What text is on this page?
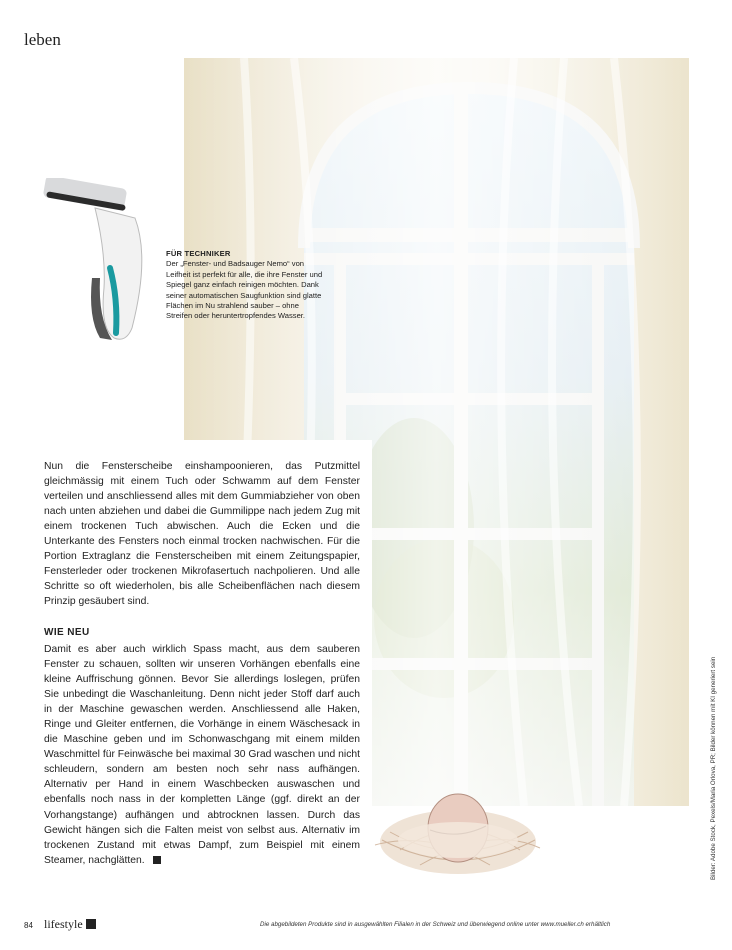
leben
FÜR TECHNIKER
Der „Fenster- und Badsauger Nemo“ von Leifheit ist perfekt für alle, die ihre Fenster und Spiegel ganz einfach reinigen möchten. Dank seiner automatischen Saugfunktion sind glatte Flächen im Nu strahlend sauber – ohne Streifen oder heruntertropfendes Wasser.
Nun die Fensterscheibe einshampoonieren, das Putzmittel gleichmässig mit einem Tuch oder Schwamm auf dem Fenster verteilen und anschliessend alles mit dem Gummiabzieher von oben nach unten abziehen und dabei die Gummilippe nach jedem Zug mit einem trockenen Tuch abwischen. Auch die Ecken und die Unterkante des Fensters noch einmal trocken nachwischen. Für die Portion Extraglanz die Fensterscheiben mit einem Zeitungspapier, Fensterleder oder trockenen Mikrofasertuch nachpolieren. Und alle Schritte so oft wiederholen, bis alle Scheibenflächen nach diesem Prinzip gesäubert sind.
WIE NEU
Damit es aber auch wirklich Spass macht, aus dem sauberen Fenster zu schauen, sollten wir unseren Vorhängen ebenfalls eine kleine Auffrischung gönnen. Bevor Sie allerdings loslegen, prüfen Sie unbedingt die Waschanleitung. Denn nicht jeder Stoff darf auch in der Maschine gewaschen werden. Anschliessend alle Haken, Ringe und Gleiter entfernen, die Vorhänge in einem Wäschesack in die Maschine geben und im Schonwaschgang mit einem milden Waschmittel für Feinwäsche bei maximal 30 Grad waschen und nicht schleudern, sondern am besten noch sehr nass aufhängen. Alternativ per Hand in einem Waschbecken auswaschen und ebenfalls noch nass in der kompletten Länge (ggf. direkt an der Vorhangstange) aufhängen und abtrocknen lassen. Durch das Gewicht hängen sich die Falten meist von selbst aus. Alternativ im trockenen Zustand mit etwas Dampf, zum Beispiel mit einem Steamer, nachglätten.	Bilder: Adobe Stock, Pexels/Maria Orlova, PR; Bilder können mit KI generiert sein
84 lifestyle	Die abgebildeten Produkte sind in ausgewählten Filialen in der Schweiz und überwiegend online unter www.mueller.ch erhältlich
